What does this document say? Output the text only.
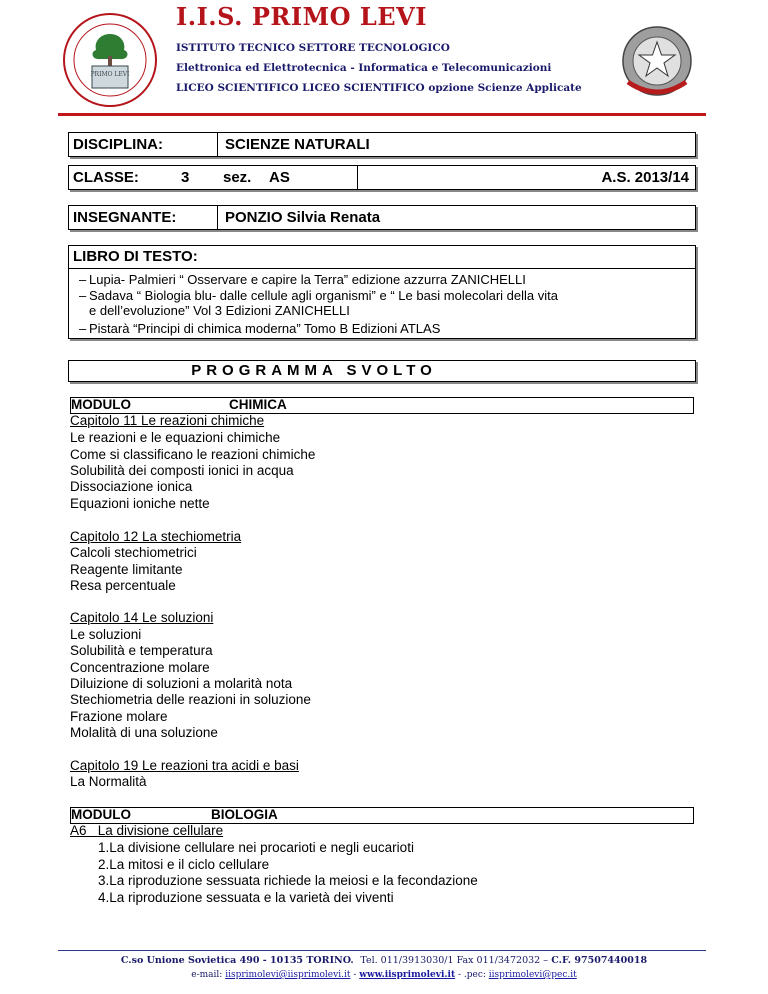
PRIMO LEVI
I.I.S. PRIMO LEVI
ISTITUTO TECNICO SETTORE TECNOLOGICO
Elettronica ed Elettrotecnica - Informatica e Telecomunicazioni
LICEO SCIENTIFICO LICEO SCIENTIFICO opzione Scienze Applicate
DISCIPLINA:	SCIENZE NATURALI
CLASSE:	3 sez. AS	A.S. 2013/14
INSEGNANTE:	PONZIO Silvia Renata
LIBRO DI TESTO:
– Lupia- Palmieri “ Osservare e capire la Terra” edizione azzurra ZANICHELLI
– Sadava “ Biologia blu- dalle cellule agli organismi” e “ Le basi molecolari della vita
e dell’evoluzione” Vol 3 Edizioni ZANICHELLI
– Pistarà “Principi di chimica moderna” Tomo B Edizioni ATLAS
PROGRAMMA SVOLTO
MODULO	CHIMICA
Capitolo 11 Le reazioni chimiche
Le reazioni e le equazioni chimiche
Come si classificano le reazioni chimiche
Solubilità dei composti ionici in acqua
Dissociazione ionica
Equazioni ioniche nette
Capitolo 12 La stechiometria
Calcoli stechiometrici
Reagente limitante
Resa percentuale
Capitolo 14 Le soluzioni
Le soluzioni
Solubilità e temperatura
Concentrazione molare
Diluizione di soluzioni a molarità nota
Stechiometria delle reazioni in soluzione
Frazione molare
Molalità di una soluzione
Capitolo 19 Le reazioni tra acidi e basi
La Normalità
MODULO	BIOLOGIA
A6 La divisione cellulare
1.La divisione cellulare nei procarioti e negli eucarioti
2.La mitosi e il ciclo cellulare
3.La riproduzione sessuata richiede la meiosi e la fecondazione
4.La riproduzione sessuata e la varietà dei viventi
C.so Unione Sovietica 490 - 10135 TORINO. Tel. 011/3913030/1 Fax 011/3472032 – C.F. 97507440018
e-mail: iisprimolevi@iisprimolevi.it - www.iisprimolevi.it - .pec: iisprimolevi@pec.it
